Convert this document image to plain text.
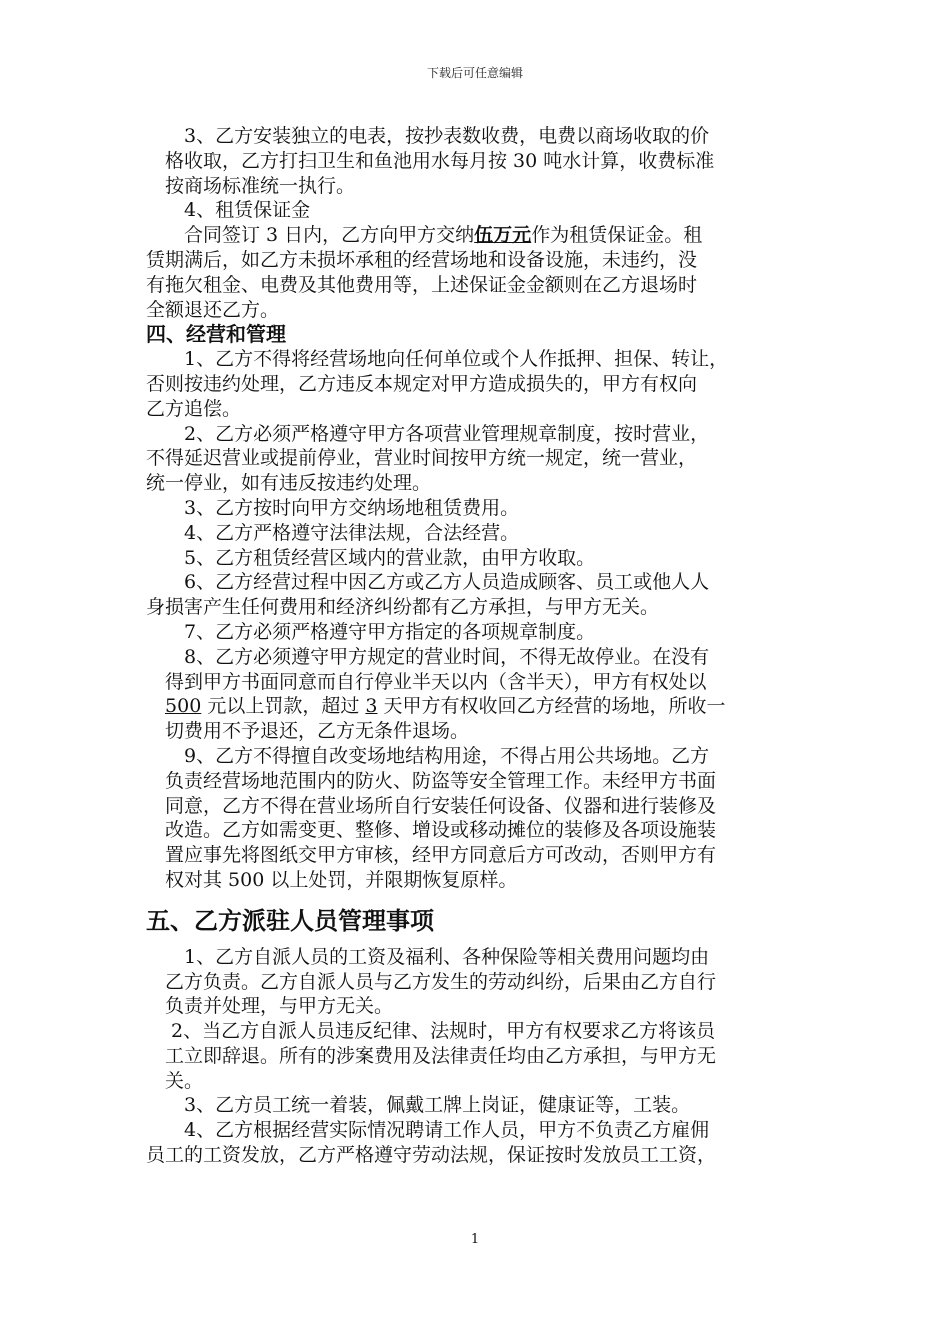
下载后可任意编辑
　　3、乙方安装独立的电表，按抄表数收费，电费以商场收取的价
　格收取，乙方打扫卫生和鱼池用水每月按 30 吨水计算，收费标准
　按商场标准统一执行。
　　4、租赁保证金
　　合同签订 3 日内，乙方向甲方交纳伍万元作为租赁保证金。租
赁期满后，如乙方未损坏承租的经营场地和设备设施，未违约，没
有拖欠租金、电费及其他费用等，上述保证金金额则在乙方退场时
全额退还乙方。
四、经营和管理
　　1、乙方不得将经营场地向任何单位或个人作抵押、担保、转让，
否则按违约处理，乙方违反本规定对甲方造成损失的，甲方有权向
乙方追偿。
　　2、乙方必须严格遵守甲方各项营业管理规章制度，按时营业，
不得延迟营业或提前停业，营业时间按甲方统一规定，统一营业，
统一停业，如有违反按违约处理。
　　3、乙方按时向甲方交纳场地租赁费用。
　　4、乙方严格遵守法律法规，合法经营。
　　5、乙方租赁经营区域内的营业款，由甲方收取。
　　6、乙方经营过程中因乙方或乙方人员造成顾客、员工或他人人
身损害产生任何费用和经济纠纷都有乙方承担，与甲方无关。
　　7、乙方必须严格遵守甲方指定的各项规章制度。
　　8、乙方必须遵守甲方规定的营业时间，不得无故停业。在没有
　得到甲方书面同意而自行停业半天以内（含半天），甲方有权处以
　500 元以上罚款，超过 3 天甲方有权收回乙方经营的场地，所收一
　切费用不予退还，乙方无条件退场。
　　9、乙方不得擅自改变场地结构用途，不得占用公共场地。乙方
　负责经营场地范围内的防火、防盗等安全管理工作。未经甲方书面
　同意，乙方不得在营业场所自行安装任何设备、仪器和进行装修及
　改造。乙方如需变更、整修、增设或移动摊位的装修及各项设施装
　置应事先将图纸交甲方审核，经甲方同意后方可改动，否则甲方有
　权对其 500 以上处罚，并限期恢复原样。
五、乙方派驻人员管理事项
　　1、乙方自派人员的工资及福利、各种保险等相关费用问题均由
　乙方负责。乙方自派人员与乙方发生的劳动纠纷，后果由乙方自行
　负责并处理，与甲方无关。
　 2、当乙方自派人员违反纪律、法规时，甲方有权要求乙方将该员
　工立即辞退。所有的涉案费用及法律责任均由乙方承担，与甲方无
　关。
　　3、乙方员工统一着装，佩戴工牌上岗证，健康证等，工装。
　　4、乙方根据经营实际情况聘请工作人员，甲方不负责乙方雇佣
员工的工资发放，乙方严格遵守劳动法规，保证按时发放员工工资，
1
